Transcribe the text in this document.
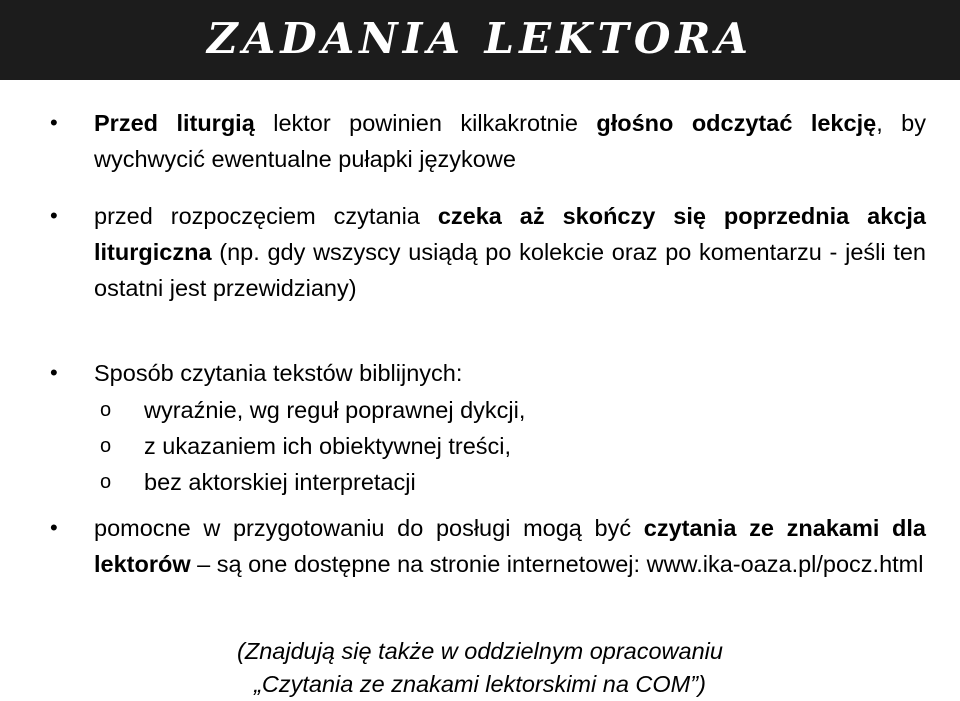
ZADANIA LEKTORA
• Przed liturgią lektor powinien kilkakrotnie głośno odczytać lekcję, by wychwycić ewentualne pułapki językowe
• przed rozpoczęciem czytania czeka aż skończy się poprzednia akcja liturgiczna (np. gdy wszyscy usiądą po kolekcie oraz po komentarzu - jeśli ten ostatni jest przewidziany)
• Sposób czytania tekstów biblijnych:
o wyraźnie, wg reguł poprawnej dykcji,
o z ukazaniem ich obiektywnej treści,
o bez aktorskiej interpretacji
• pomocne w przygotowaniu do posługi mogą być czytania ze znakami dla lektorów – są one dostępne na stronie internetowej: www.ika-oaza.pl/pocz.html
(Znajdują się także w oddzielnym opracowaniu
„Czytania ze znakami lektorskimi na COM”)
